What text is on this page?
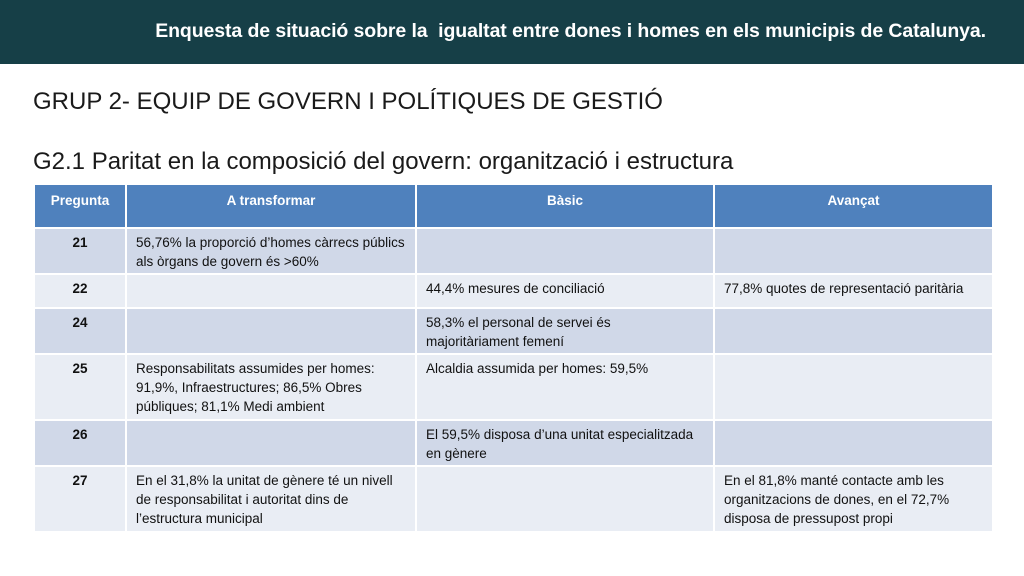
Enquesta de situació sobre la  igualtat entre dones i homes en els municipis de Catalunya.
GRUP 2- EQUIP DE GOVERN I POLÍTIQUES DE GESTIÓ
G2.1 Paritat en la composició del govern: organització i estructura
Pregunta	A transformar	Bàsic	Avançat
21	56,76% la proporció d’homes càrrecs públics als òrgans de govern és >60%		
22		44,4% mesures de conciliació	77,8% quotes de representació paritària
24		58,3% el personal de servei és majoritàriament femení	
25	Responsabilitats assumides per homes: 91,9%, Infraestructures; 86,5% Obres públiques; 81,1% Medi ambient	Alcaldia assumida per homes: 59,5%	
26		El 59,5% disposa d’una unitat especialitzada en gènere	
27	En el 31,8% la unitat de gènere té un nivell de responsabilitat i autoritat dins de l’estructura municipal		En el 81,8% manté contacte amb les organitzacions de dones, en el 72,7% disposa de pressupost propi
